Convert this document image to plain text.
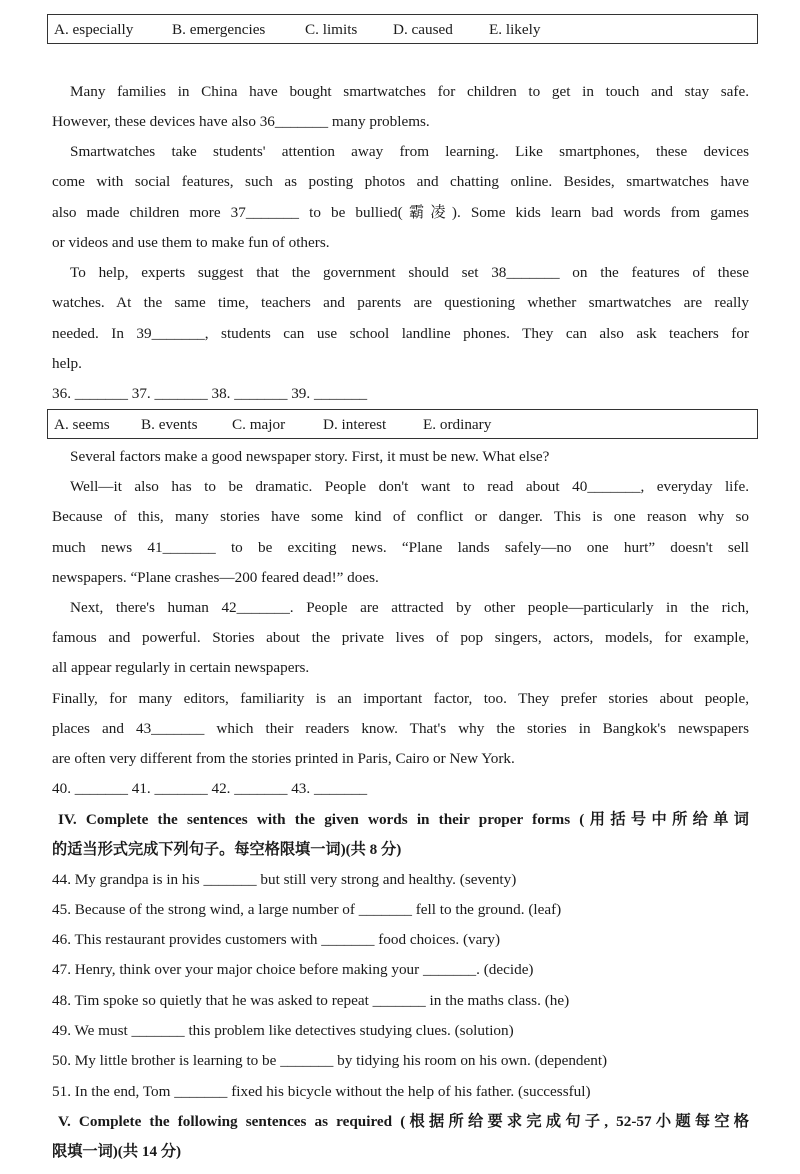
A. especially	B. emergencies	C. limits D. caused E. likely
Many families in China have bought smartwatches for children to get in touch and stay safe.
However, these devices have also 36_______ many problems.
Smartwatches take students' attention away from learning. Like smartphones, these devices
come with social features, such as posting photos and chatting online. Besides, smartwatches have
also made children more 37_______ to be bullied(霸凌). Some kids learn bad words from games
or videos and use them to make fun of others.
To help, experts suggest that the government should set 38_______ on the features of these
watches. At the same time, teachers and parents are questioning whether smartwatches are really
needed. In 39_______, students can use school landline phones. They can also ask teachers for
help.
36. _______ 37. _______ 38. _______ 39. _______
A. seems B. events C. major D. interest E. ordinary
Several factors make a good newspaper story. First, it must be new. What else?
Well—it also has to be dramatic. People don't want to read about 40_______, everyday life.
Because of this, many stories have some kind of conflict or danger. This is one reason why so
much news 41_______ to be exciting news. “Plane lands safely—no one hurt” doesn't sell
newspapers. “Plane crashes—200 feared dead!” does.
Next, there's human 42_______. People are attracted by other people—particularly in the rich,
famous and powerful. Stories about the private lives of pop singers, actors, models, for example,
all appear regularly in certain newspapers.
Finally, for many editors, familiarity is an important factor, too. They prefer stories about people,
places and 43_______ which their readers know. That's why the stories in Bangkok's newspapers
are often very different from the stories printed in Paris, Cairo or New York.
40. _______ 41. _______ 42. _______ 43. _______
IV. Complete the sentences with the given words in their proper forms (用括号中所给单词
的适当形式完成下列句子。每空格限填一词)(共 8 分)
44. My grandpa is in his _______ but still very strong and healthy. (seventy)
45. Because of the strong wind, a large number of _______ fell to the ground. (leaf)
46. This restaurant provides customers with _______ food choices. (vary)
47. Henry, think over your major choice before making your _______. (decide)
48. Tim spoke so quietly that he was asked to repeat _______ in the maths class. (he)
49. We must _______ this problem like detectives studying clues. (solution)
50. My little brother is learning to be _______ by tidying his room on his own. (dependent)
51. In the end, Tom _______ fixed his bicycle without the help of his father. (successful)
V. Complete the following sentences as required (根据所给要求完成句子, 52-57小题每空格
限填一词)(共 14 分)
